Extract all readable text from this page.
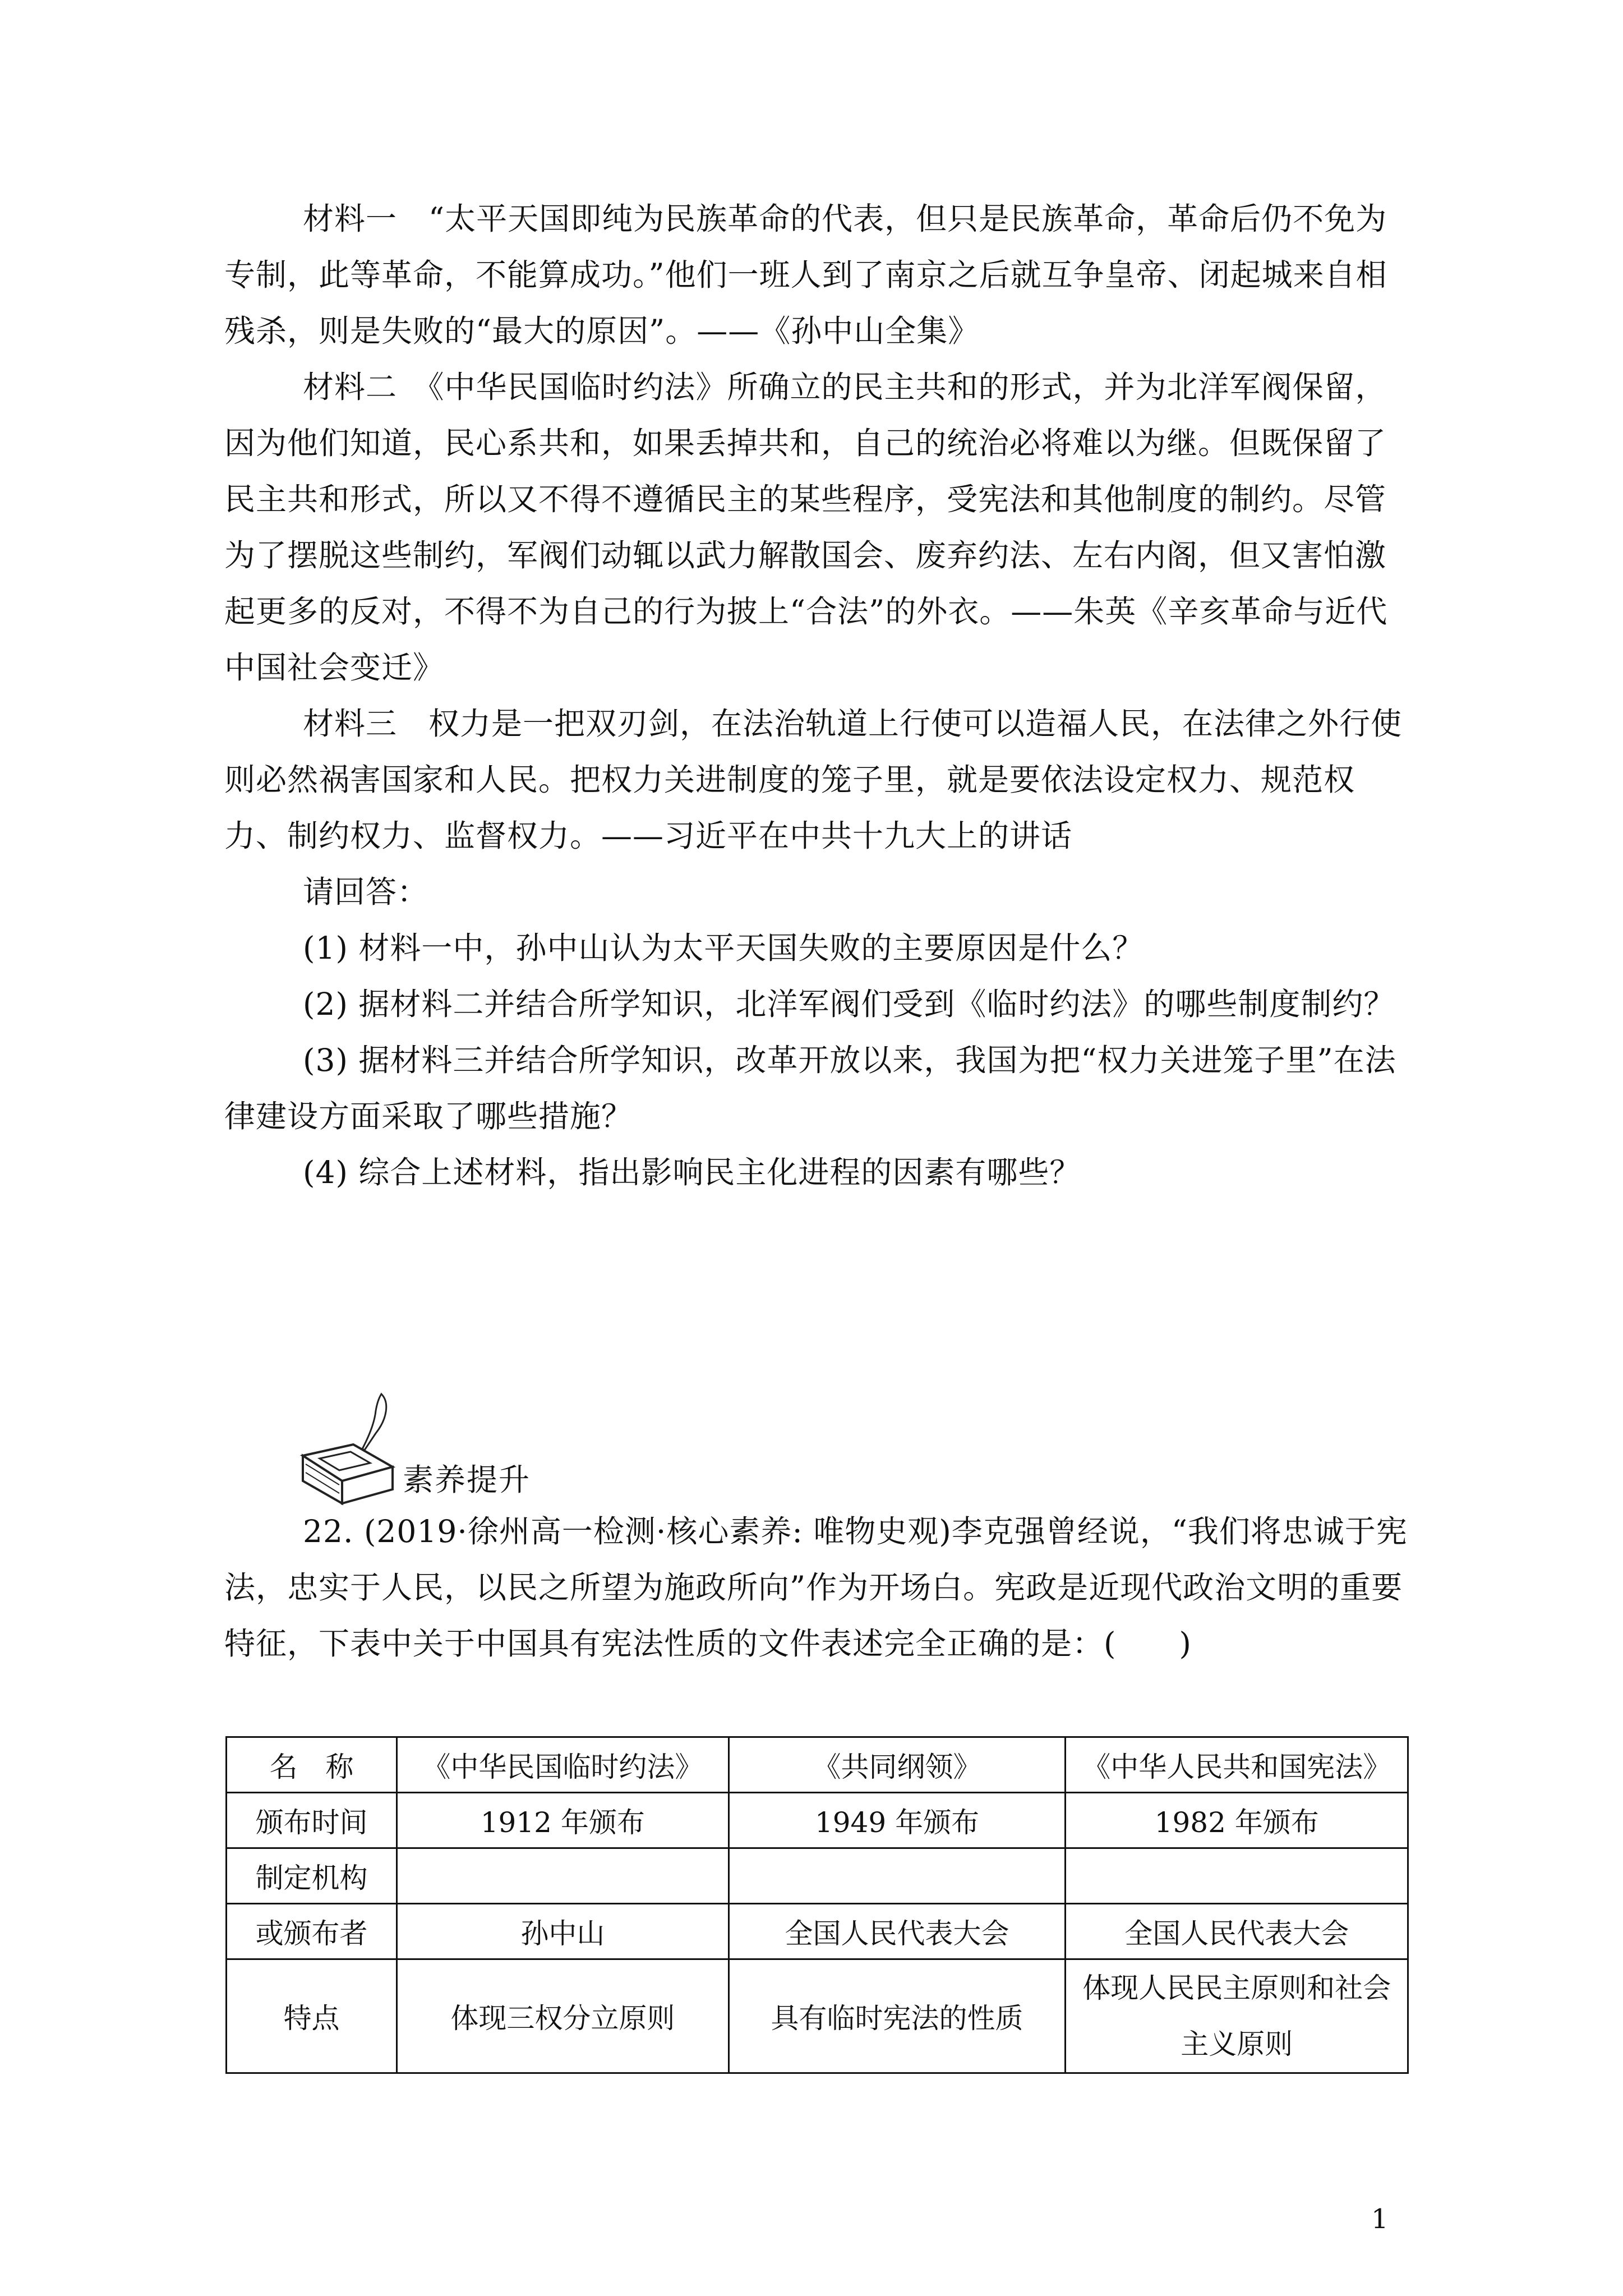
材料一　“太平天国即纯为民族革命的代表，但只是民族革命，革命后仍不免为专制，此等革命，不能算成功。”他们一班人到了南京之后就互争皇帝、闭起城来自相残杀，则是失败的“最大的原因”。——《孙中山全集》

材料二　《中华民国临时约法》所确立的民主共和的形式，并为北洋军阀保留，因为他们知道，民心系共和，如果丢掉共和，自己的统治必将难以为继。但既保留了民主共和形式，所以又不得不遵循民主的某些程序，受宪法和其他制度的制约。尽管为了摆脱这些制约，军阀们动辄以武力解散国会、废弃约法、左右内阁，但又害怕激起更多的反对，不得不为自己的行为披上“合法”的外衣。——朱英《辛亥革命与近代中国社会变迁》

材料三　权力是一把双刃剑，在法治轨道上行使可以造福人民，在法律之外行使则必然祸害国家和人民。把权力关进制度的笼子里，就是要依法设定权力、规范权力、制约权力、监督权力。——习近平在中共十九大上的讲话

请回答：

(1) 材料一中，孙中山认为太平天国失败的主要原因是什么？

(2) 据材料二并结合所学知识，北洋军阀们受到《临时约法》的哪些制度制约？

(3) 据材料三并结合所学知识，改革开放以来，我国为把“权力关进笼子里”在法律建设方面采取了哪些措施？

(4) 综合上述材料，指出影响民主化进程的因素有哪些？

素养提升

22. (2019·徐州高一检测·核心素养: 唯物史观)李克强曾经说，“我们将忠诚于宪法，忠实于人民，以民之所望为施政所向”作为开场白。宪政是近现代政治文明的重要特征，下表中关于中国具有宪法性质的文件表述完全正确的是：(　　)

名　称	《中华民国临时约法》	《共同纲领》	《中华人民共和国宪法》
颁布时间	1912 年颁布	1949 年颁布	1982 年颁布
制定机构			
或颁布者	孙中山	全国人民代表大会	全国人民代表大会
特点	体现三权分立原则	具有临时宪法的性质	体现人民民主原则和社会主义原则
1
